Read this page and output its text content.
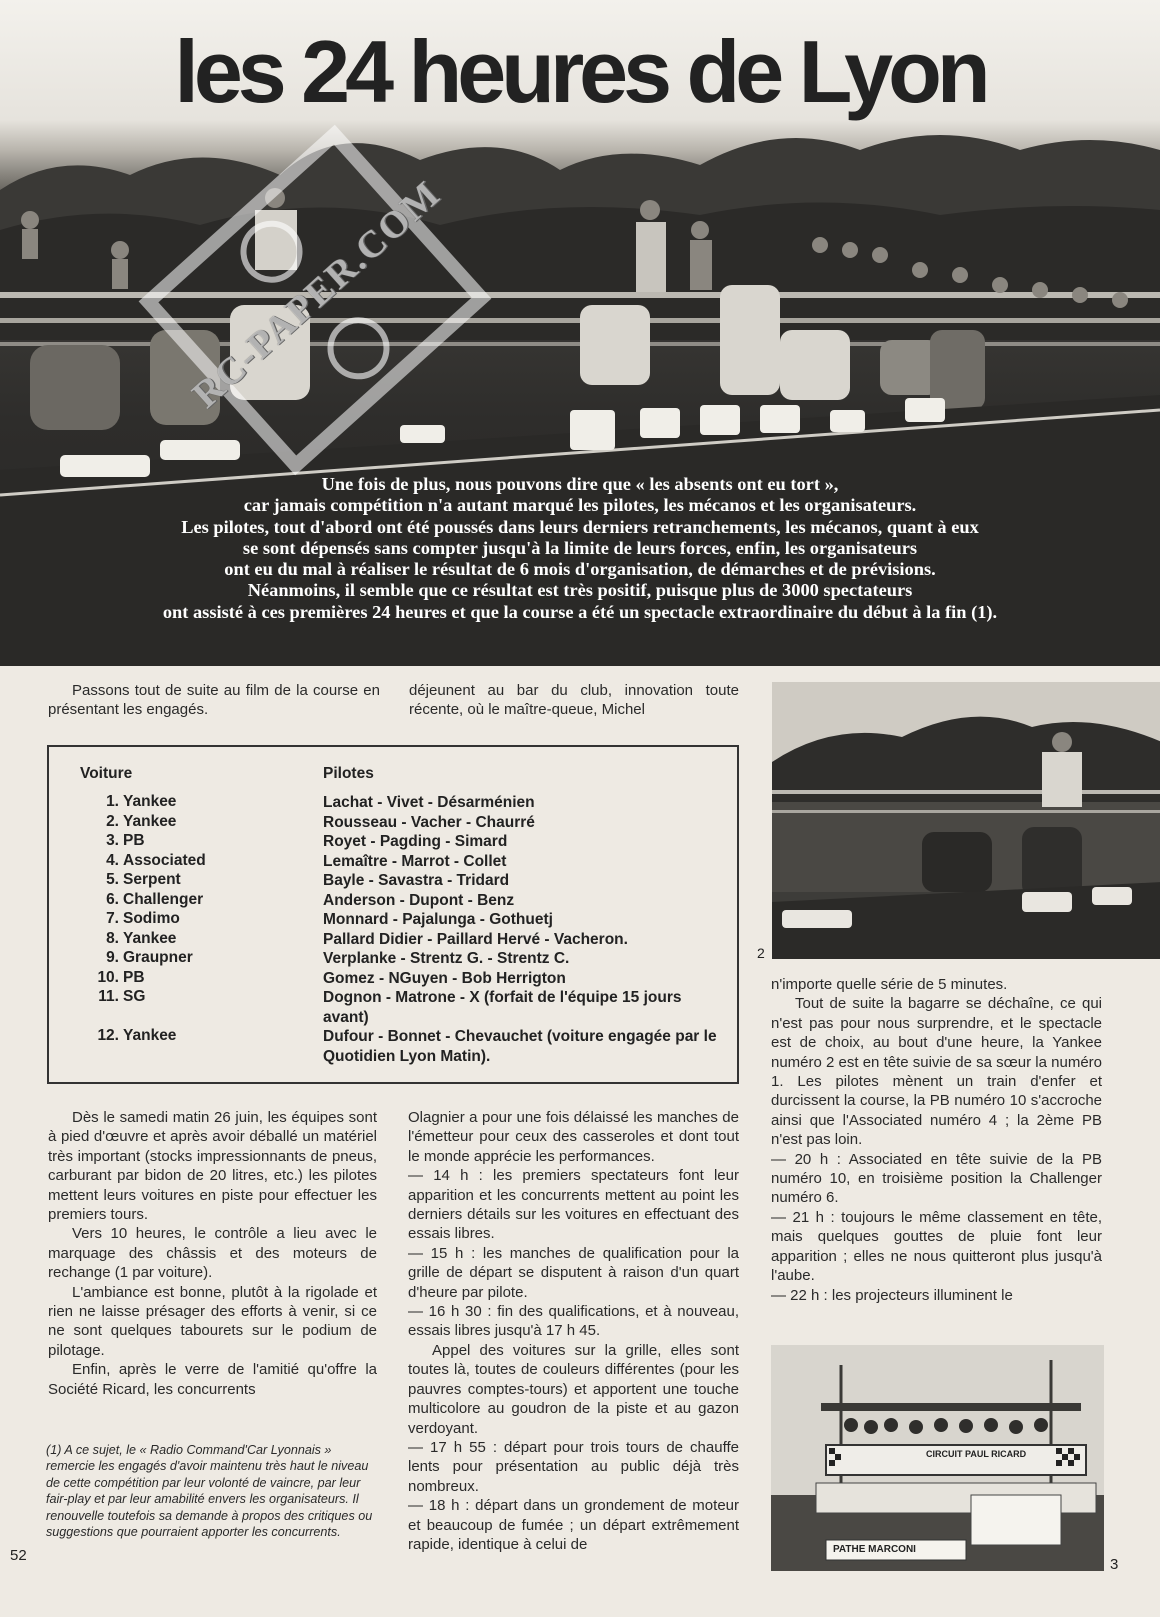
RC-PAPER.COM
les 24 heures de Lyon
Une fois de plus, nous pouvons dire que « les absents ont eu tort »,
car jamais compétition n'a autant marqué les pilotes, les mécanos et les organisateurs.
Les pilotes, tout d'abord ont été poussés dans leurs derniers retranchements, les mécanos, quant à eux
se sont dépensés sans compter jusqu'à la limite de leurs forces, enfin, les organisateurs
ont eu du mal à réaliser le résultat de 6 mois d'organisation, de démarches et de prévisions.
Néanmoins, il semble que ce résultat est très positif, puisque plus de 3000 spectateurs
ont assisté à ces premières 24 heures et que la course a été un spectacle extraordinaire du début à la fin (1).

Passons tout de suite au film de la course en présentant les engagés.

déjeunent au bar du club, innovation toute récente, où le maître-queue, Michel

Voiture	Pilotes
1. Yankee	Lachat - Vivet - Désarménien
2. Yankee	Rousseau - Vacher - Chaurré
3. PB	Royet - Pagding - Simard
4. Associated	Lemaître - Marrot - Collet
5. Serpent	Bayle - Savastra - Tridard
6. Challenger	Anderson - Dupont - Benz
7. Sodimo	Monnard - Pajalunga - Gothuetj
8. Yankee	Pallard Didier - Paillard Hervé - Vacheron.
9. Graupner	Verplanke - Strentz G. - Strentz C.
10. PB	Gomez - NGuyen - Bob Herrigton
11. SG	Dognon - Matrone - X (forfait de l'équipe 15 jours avant)
12. Yankee	Dufour - Bonnet - Chevauchet (voiture engagée par le Quotidien Lyon Matin).
2

Dès le samedi matin 26 juin, les équipes sont à pied d'œuvre et après avoir déballé un matériel très important (stocks impressionnants de pneus, carburant par bidon de 20 litres, etc.) les pilotes mettent leurs voitures en piste pour effectuer les premiers tours.

Vers 10 heures, le contrôle a lieu avec le marquage des châssis et des moteurs de rechange (1 par voiture).

L'ambiance est bonne, plutôt à la rigolade et rien ne laisse présager des efforts à venir, si ce ne sont quelques tabourets sur le podium de pilotage.

Enfin, après le verre de l'amitié qu'offre la Société Ricard, les concurrents

(1) A ce sujet, le « Radio Command'Car Lyonnais » remercie les engagés d'avoir maintenu très haut le niveau de cette compétition par leur volonté de vaincre, par leur fair-play et par leur amabilité envers les organisateurs. Il renouvelle toutefois sa demande à propos des critiques ou suggestions que pourraient apporter les concurrents.

Olagnier a pour une fois délaissé les manches de l'émetteur pour ceux des casseroles et dont tout le monde apprécie les performances.

— 14 h : les premiers spectateurs font leur apparition et les concurrents mettent au point les derniers détails sur les voitures en effectuant des essais libres.

— 15 h : les manches de qualification pour la grille de départ se disputent à raison d'un quart d'heure par pilote.

— 16 h 30 : fin des qualifications, et à nouveau, essais libres jusqu'à 17 h 45.

Appel des voitures sur la grille, elles sont toutes là, toutes de couleurs différentes (pour les pauvres comptes-tours) et apportent une touche multicolore au goudron de la piste et au gazon verdoyant.

— 17 h 55 : départ pour trois tours de chauffe lents pour présentation au public déjà très nombreux.

— 18 h : départ dans un grondement de moteur et beaucoup de fumée ; un départ extrêmement rapide, identique à celui de

n'importe quelle série de 5 minutes.

Tout de suite la bagarre se déchaîne, ce qui n'est pas pour nous surprendre, et le spectacle est de choix, au bout d'une heure, la Yankee numéro 2 est en tête suivie de sa sœur la numéro 1. Les pilotes mènent un train d'enfer et durcissent la course, la PB numéro 10 s'accroche ainsi que l'Associated numéro 4 ; la 2ème PB n'est pas loin.

— 20 h : Associated en tête suivie de la PB numéro 10, en troisième position la Challenger numéro 6.

— 21 h : toujours le même classement en tête, mais quelques gouttes de pluie font leur apparition ; elles ne nous quitteront plus jusqu'à l'aube.

— 22 h : les projecteurs illuminent le

CIRCUIT PAUL RICARD
PATHE MARCONI
52
3
